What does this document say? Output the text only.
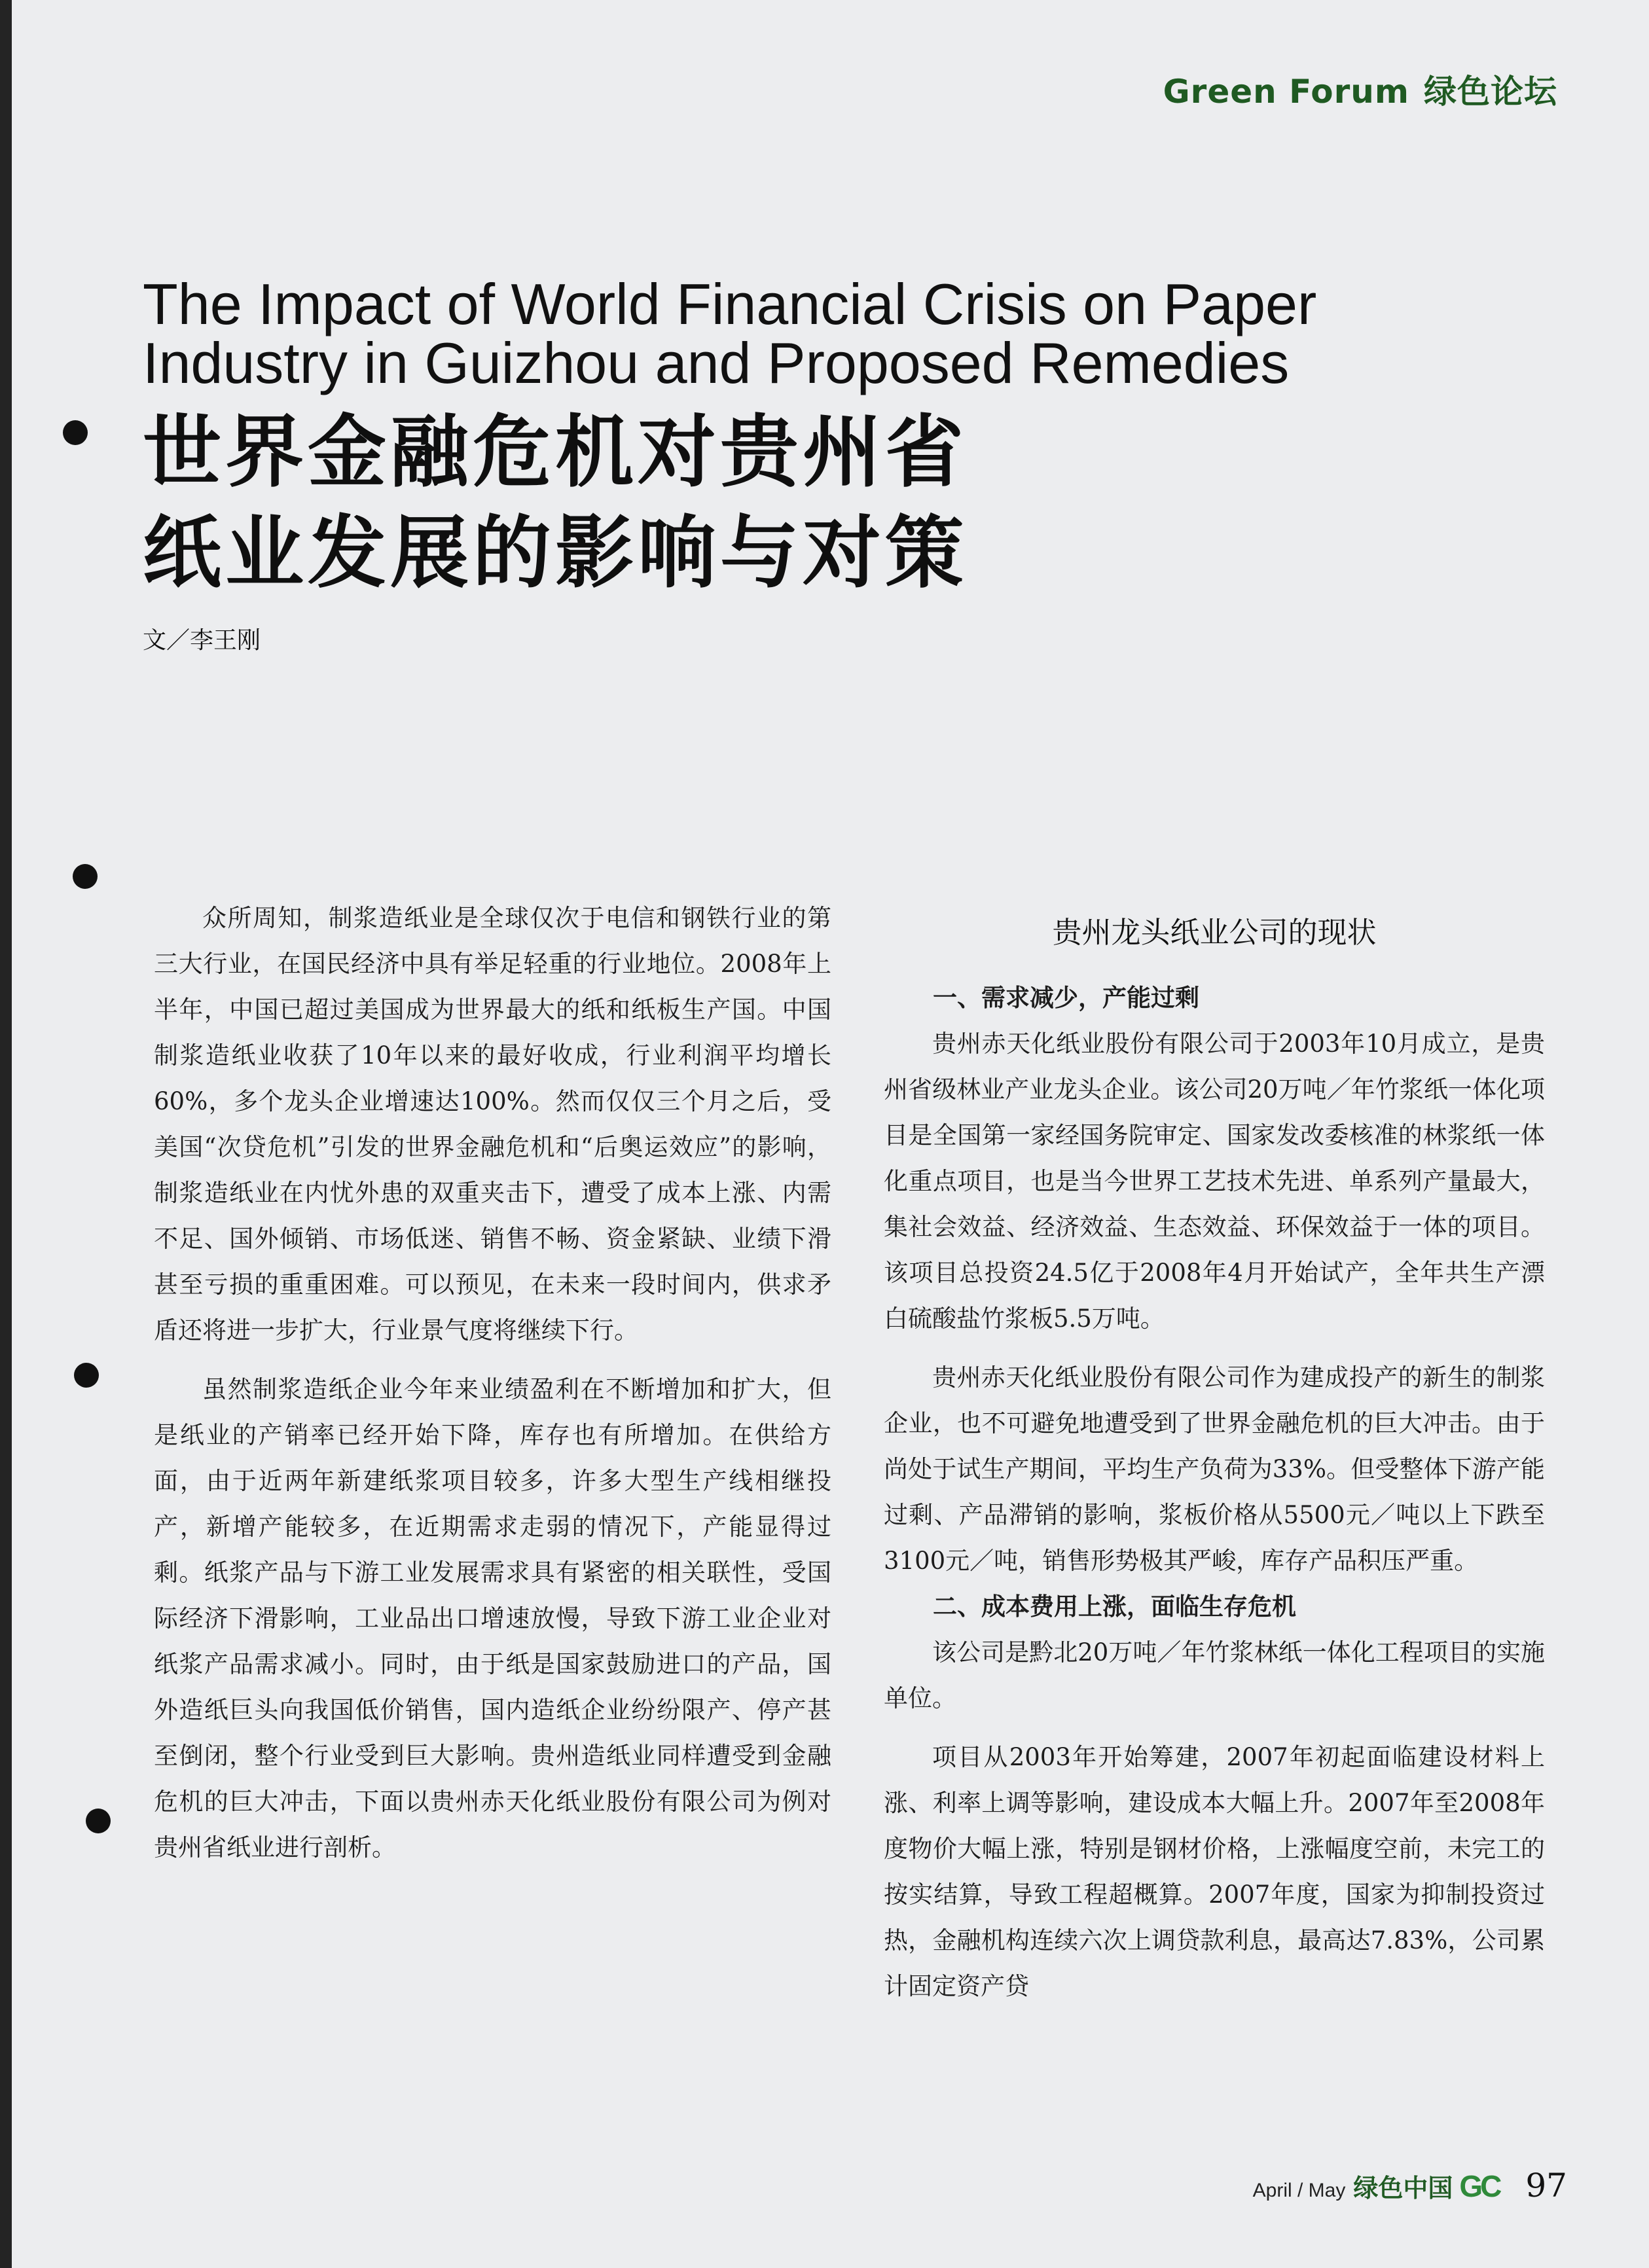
Green Forum 绿色论坛
The Impact of World Financial Crisis on Paper
Industry in Guizhou and Proposed Remedies
世界金融危机对贵州省
纸业发展的影响与对策
文／李王刚

众所周知，制浆造纸业是全球仅次于电信和钢铁行业的第三大行业，在国民经济中具有举足轻重的行业地位。2008年上半年，中国已超过美国成为世界最大的纸和纸板生产国。中国制浆造纸业收获了10年以来的最好收成，行业利润平均增长60%，多个龙头企业增速达100%。然而仅仅三个月之后，受美国“次贷危机”引发的世界金融危机和“后奥运效应”的影响，制浆造纸业在内忧外患的双重夹击下，遭受了成本上涨、内需不足、国外倾销、市场低迷、销售不畅、资金紧缺、业绩下滑甚至亏损的重重困难。可以预见，在未来一段时间内，供求矛盾还将进一步扩大，行业景气度将继续下行。

虽然制浆造纸企业今年来业绩盈利在不断增加和扩大，但是纸业的产销率已经开始下降，库存也有所增加。在供给方面，由于近两年新建纸浆项目较多，许多大型生产线相继投产，新增产能较多，在近期需求走弱的情况下，产能显得过剩。纸浆产品与下游工业发展需求具有紧密的相关联性，受国际经济下滑影响，工业品出口增速放慢，导致下游工业企业对纸浆产品需求减小。同时，由于纸是国家鼓励进口的产品，国外造纸巨头向我国低价销售，国内造纸企业纷纷限产、停产甚至倒闭，整个行业受到巨大影响。贵州造纸业同样遭受到金融危机的巨大冲击，下面以贵州赤天化纸业股份有限公司为例对贵州省纸业进行剖析。

贵州龙头纸业公司的现状
一、需求减少，产能过剩

贵州赤天化纸业股份有限公司于2003年10月成立，是贵州省级林业产业龙头企业。该公司20万吨／年竹浆纸一体化项目是全国第一家经国务院审定、国家发改委核准的林浆纸一体化重点项目，也是当今世界工艺技术先进、单系列产量最大，集社会效益、经济效益、生态效益、环保效益于一体的项目。该项目总投资24.5亿于2008年4月开始试产，全年共生产漂白硫酸盐竹浆板5.5万吨。

贵州赤天化纸业股份有限公司作为建成投产的新生的制浆企业，也不可避免地遭受到了世界金融危机的巨大冲击。由于尚处于试生产期间，平均生产负荷为33%。但受整体下游产能过剩、产品滞销的影响，浆板价格从5500元／吨以上下跌至3100元／吨，销售形势极其严峻，库存产品积压严重。

二、成本费用上涨，面临生存危机

该公司是黔北20万吨／年竹浆林纸一体化工程项目的实施单位。

项目从2003年开始筹建，2007年初起面临建设材料上涨、利率上调等影响，建设成本大幅上升。2007年至2008年度物价大幅上涨，特别是钢材价格，上涨幅度空前，未完工的按实结算，导致工程超概算。2007年度，国家为抑制投资过热，金融机构连续六次上调贷款利息，最高达7.83%，公司累计固定资产贷

April / May 绿色中国 GC 97
